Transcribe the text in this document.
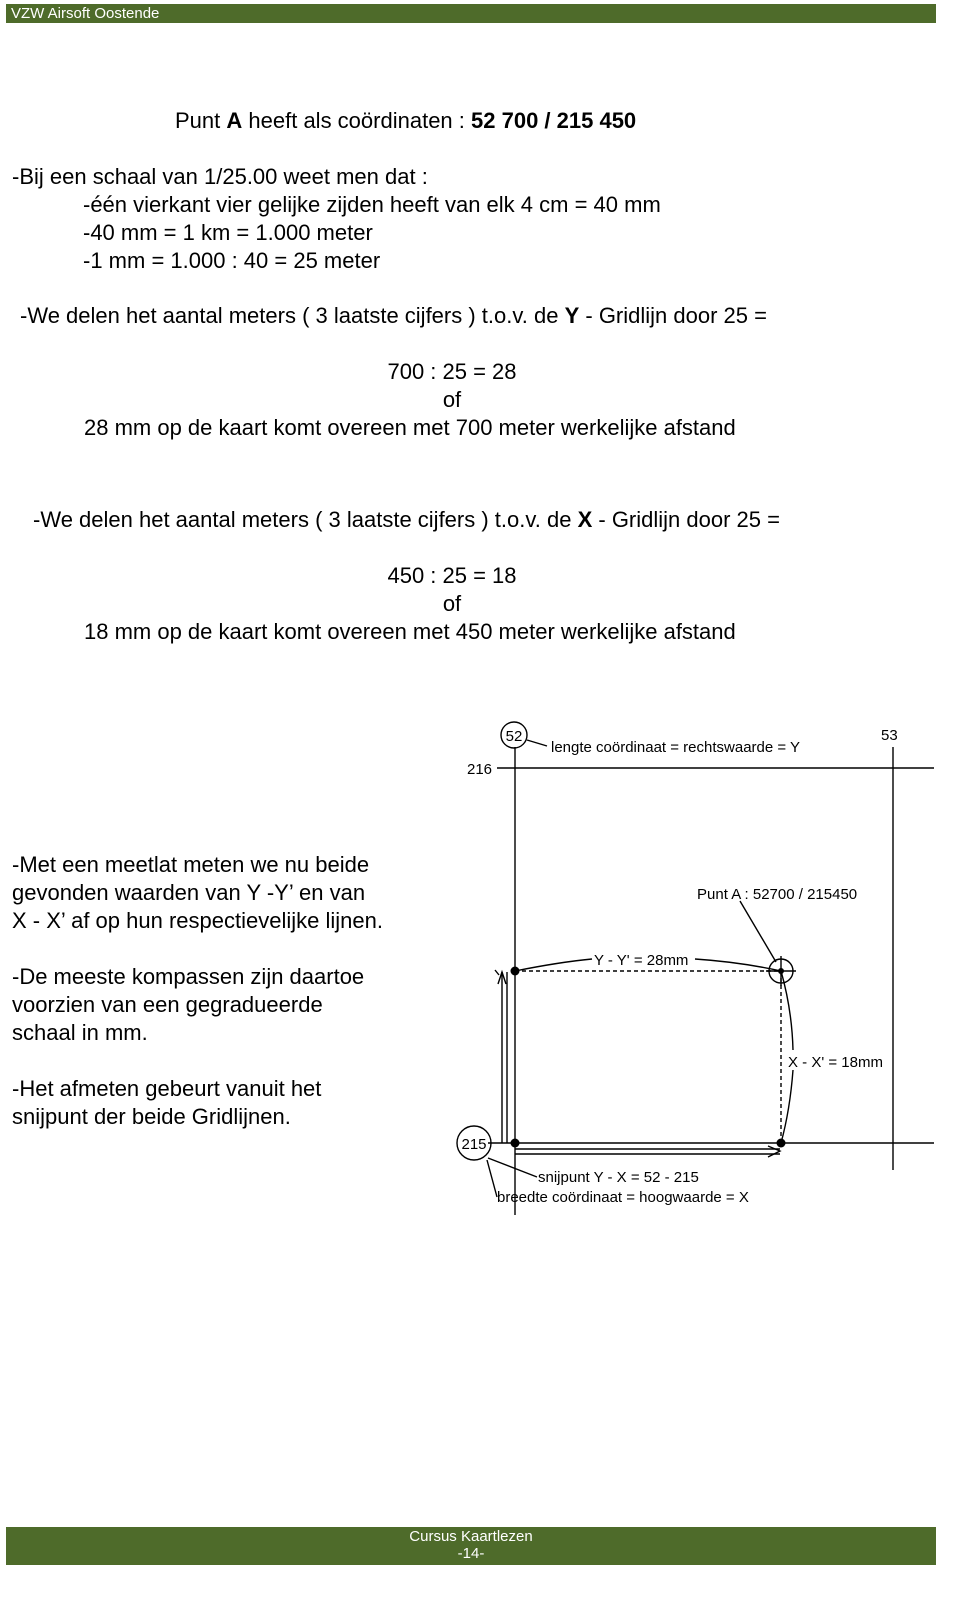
VZW Airsoft Oostende
Punt A heeft als coördinaten : 52 700 / 215 450
-Bij een schaal van 1/25.00 weet men dat :
-één vierkant vier gelijke zijden heeft van elk 4 cm = 40 mm
-40 mm = 1 km = 1.000 meter
-1 mm = 1.000 : 40 = 25 meter
-We delen het aantal meters ( 3 laatste cijfers ) t.o.v. de Y - Gridlijn door 25 =
700 : 25 = 28
of
28 mm op de kaart komt overeen met 700 meter werkelijke afstand
-We delen het aantal meters ( 3 laatste cijfers ) t.o.v. de X - Gridlijn door 25 =
450 : 25 = 18
of
18 mm op de kaart komt overeen met 450 meter werkelijke afstand
-Met een meetlat meten we nu beide
gevonden waarden van Y -Y’ en van
X - X’ af op hun respectievelijke lijnen.
-De meeste kompassen zijn daartoe
voorzien van een gegradueerde
schaal in mm.
-Het afmeten gebeurt vanuit het
snijpunt der beide Gridlijnen.
52
lengte coördinaat = rechtswaarde = Y
53
216
Punt A : 52700 / 215450
Y - Y' = 28mm
X - X' = 18mm
215
snijpunt Y - X = 52 - 215
breedte coördinaat = hoogwaarde = X
Cursus Kaartlezen
-14-
